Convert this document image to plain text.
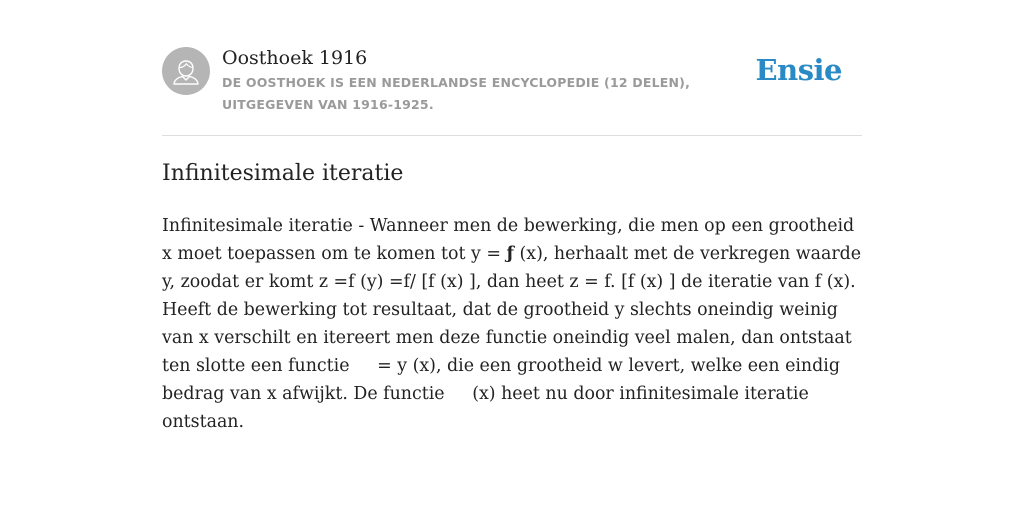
Oosthoek 1916
DE OOSTHOEK IS EEN NEDERLANDSE ENCYCLOPEDIE (12 DELEN), UITGEGEVEN VAN 1916-1925.
Ensie
Infinitesimale iteratie

Infinitesimale iteratie - Wanneer men de bewerking, die men op een grootheid x moet toepassen om te komen tot y = ƒ (x), herhaalt met de verkregen waarde y, zoodat er komt z =f (y) =f/ [f (x) ], dan heet z = f. [f (x) ] de iteratie van f (x). Heeft de bewerking tot resultaat, dat de grootheid y slechts oneindig weinig van x verschilt en itereert men deze functie oneindig veel malen, dan ontstaat ten slotte een functie     = y (x), die een grootheid w levert, welke een eindig bedrag van x afwijkt. De functie     (x) heet nu door infinitesimale iteratie ontstaan.
